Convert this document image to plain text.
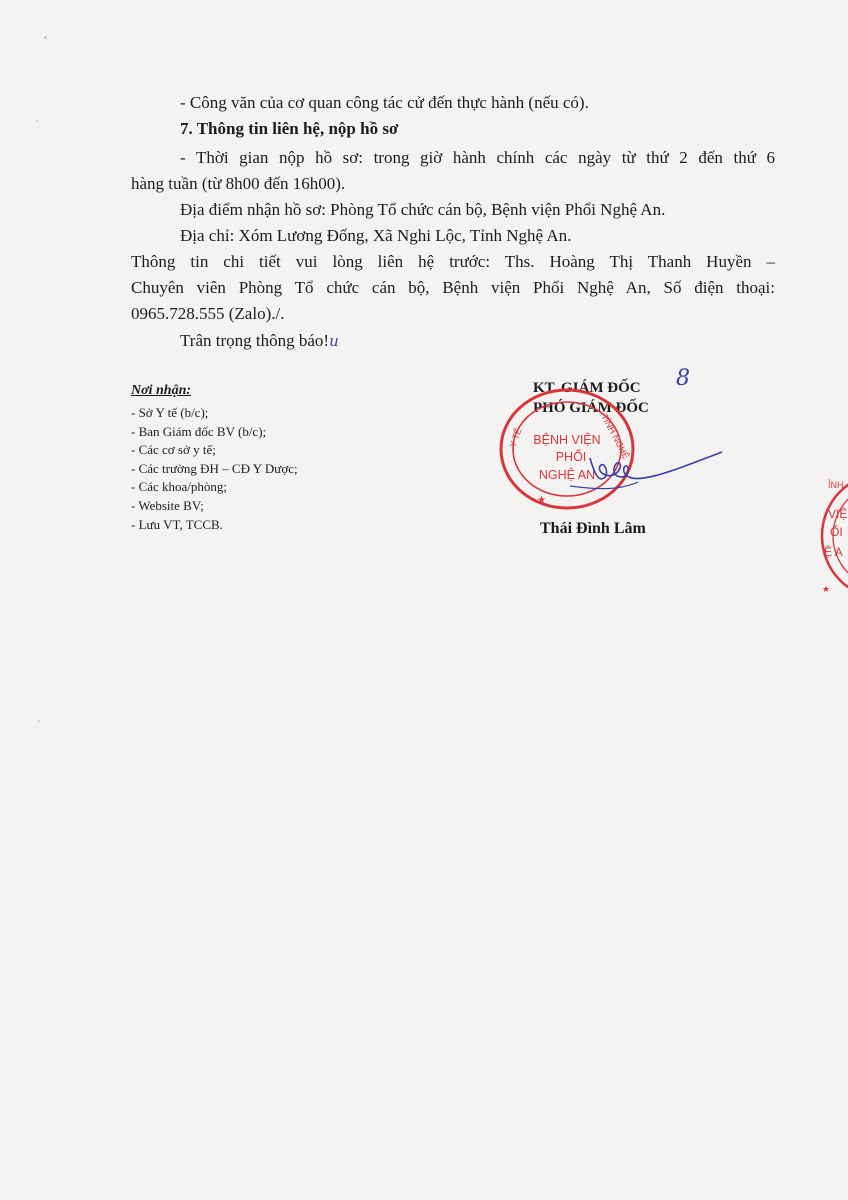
- Công văn của cơ quan công tác cử đến thực hành (nếu có).
7. Thông tin liên hệ, nộp hồ sơ
- Thời gian nộp hồ sơ: trong giờ hành chính các ngày từ thứ 2 đến thứ 6
hàng tuần (từ 8h00 đến 16h00).
Địa điểm nhận hồ sơ: Phòng Tổ chức cán bộ, Bệnh viện Phổi Nghệ An.
Địa chỉ: Xóm Lương Đống, Xã Nghi Lộc, Tỉnh Nghệ An.
Thông tin chi tiết vui lòng liên hệ trước: Ths. Hoàng Thị Thanh Huyền –
Chuyên viên Phòng Tổ chức cán bộ, Bệnh viện Phổi Nghệ An, Số điện thoại:
0965.728.555 (Zalo)./.
Trân trọng thông báo!u
Nơi nhận:
- Sở Y tế (b/c);
- Ban Giám đốc BV (b/c);
- Các cơ sở y tế;
- Các trường ĐH – CĐ Y Dược;
- Các khoa/phòng;
- Website BV;
- Lưu VT, TCCB.
KT. GIÁM ĐỐC
PHÓ GIÁM ĐỐC
8
Y TẾ	TỈNH NGHỆ
BỆNH VIỆN
PHỔI
NGHỆ AN
★
Thái Đình Lâm
ỈNH
VIỆ
ỔI
Ệ A
★
